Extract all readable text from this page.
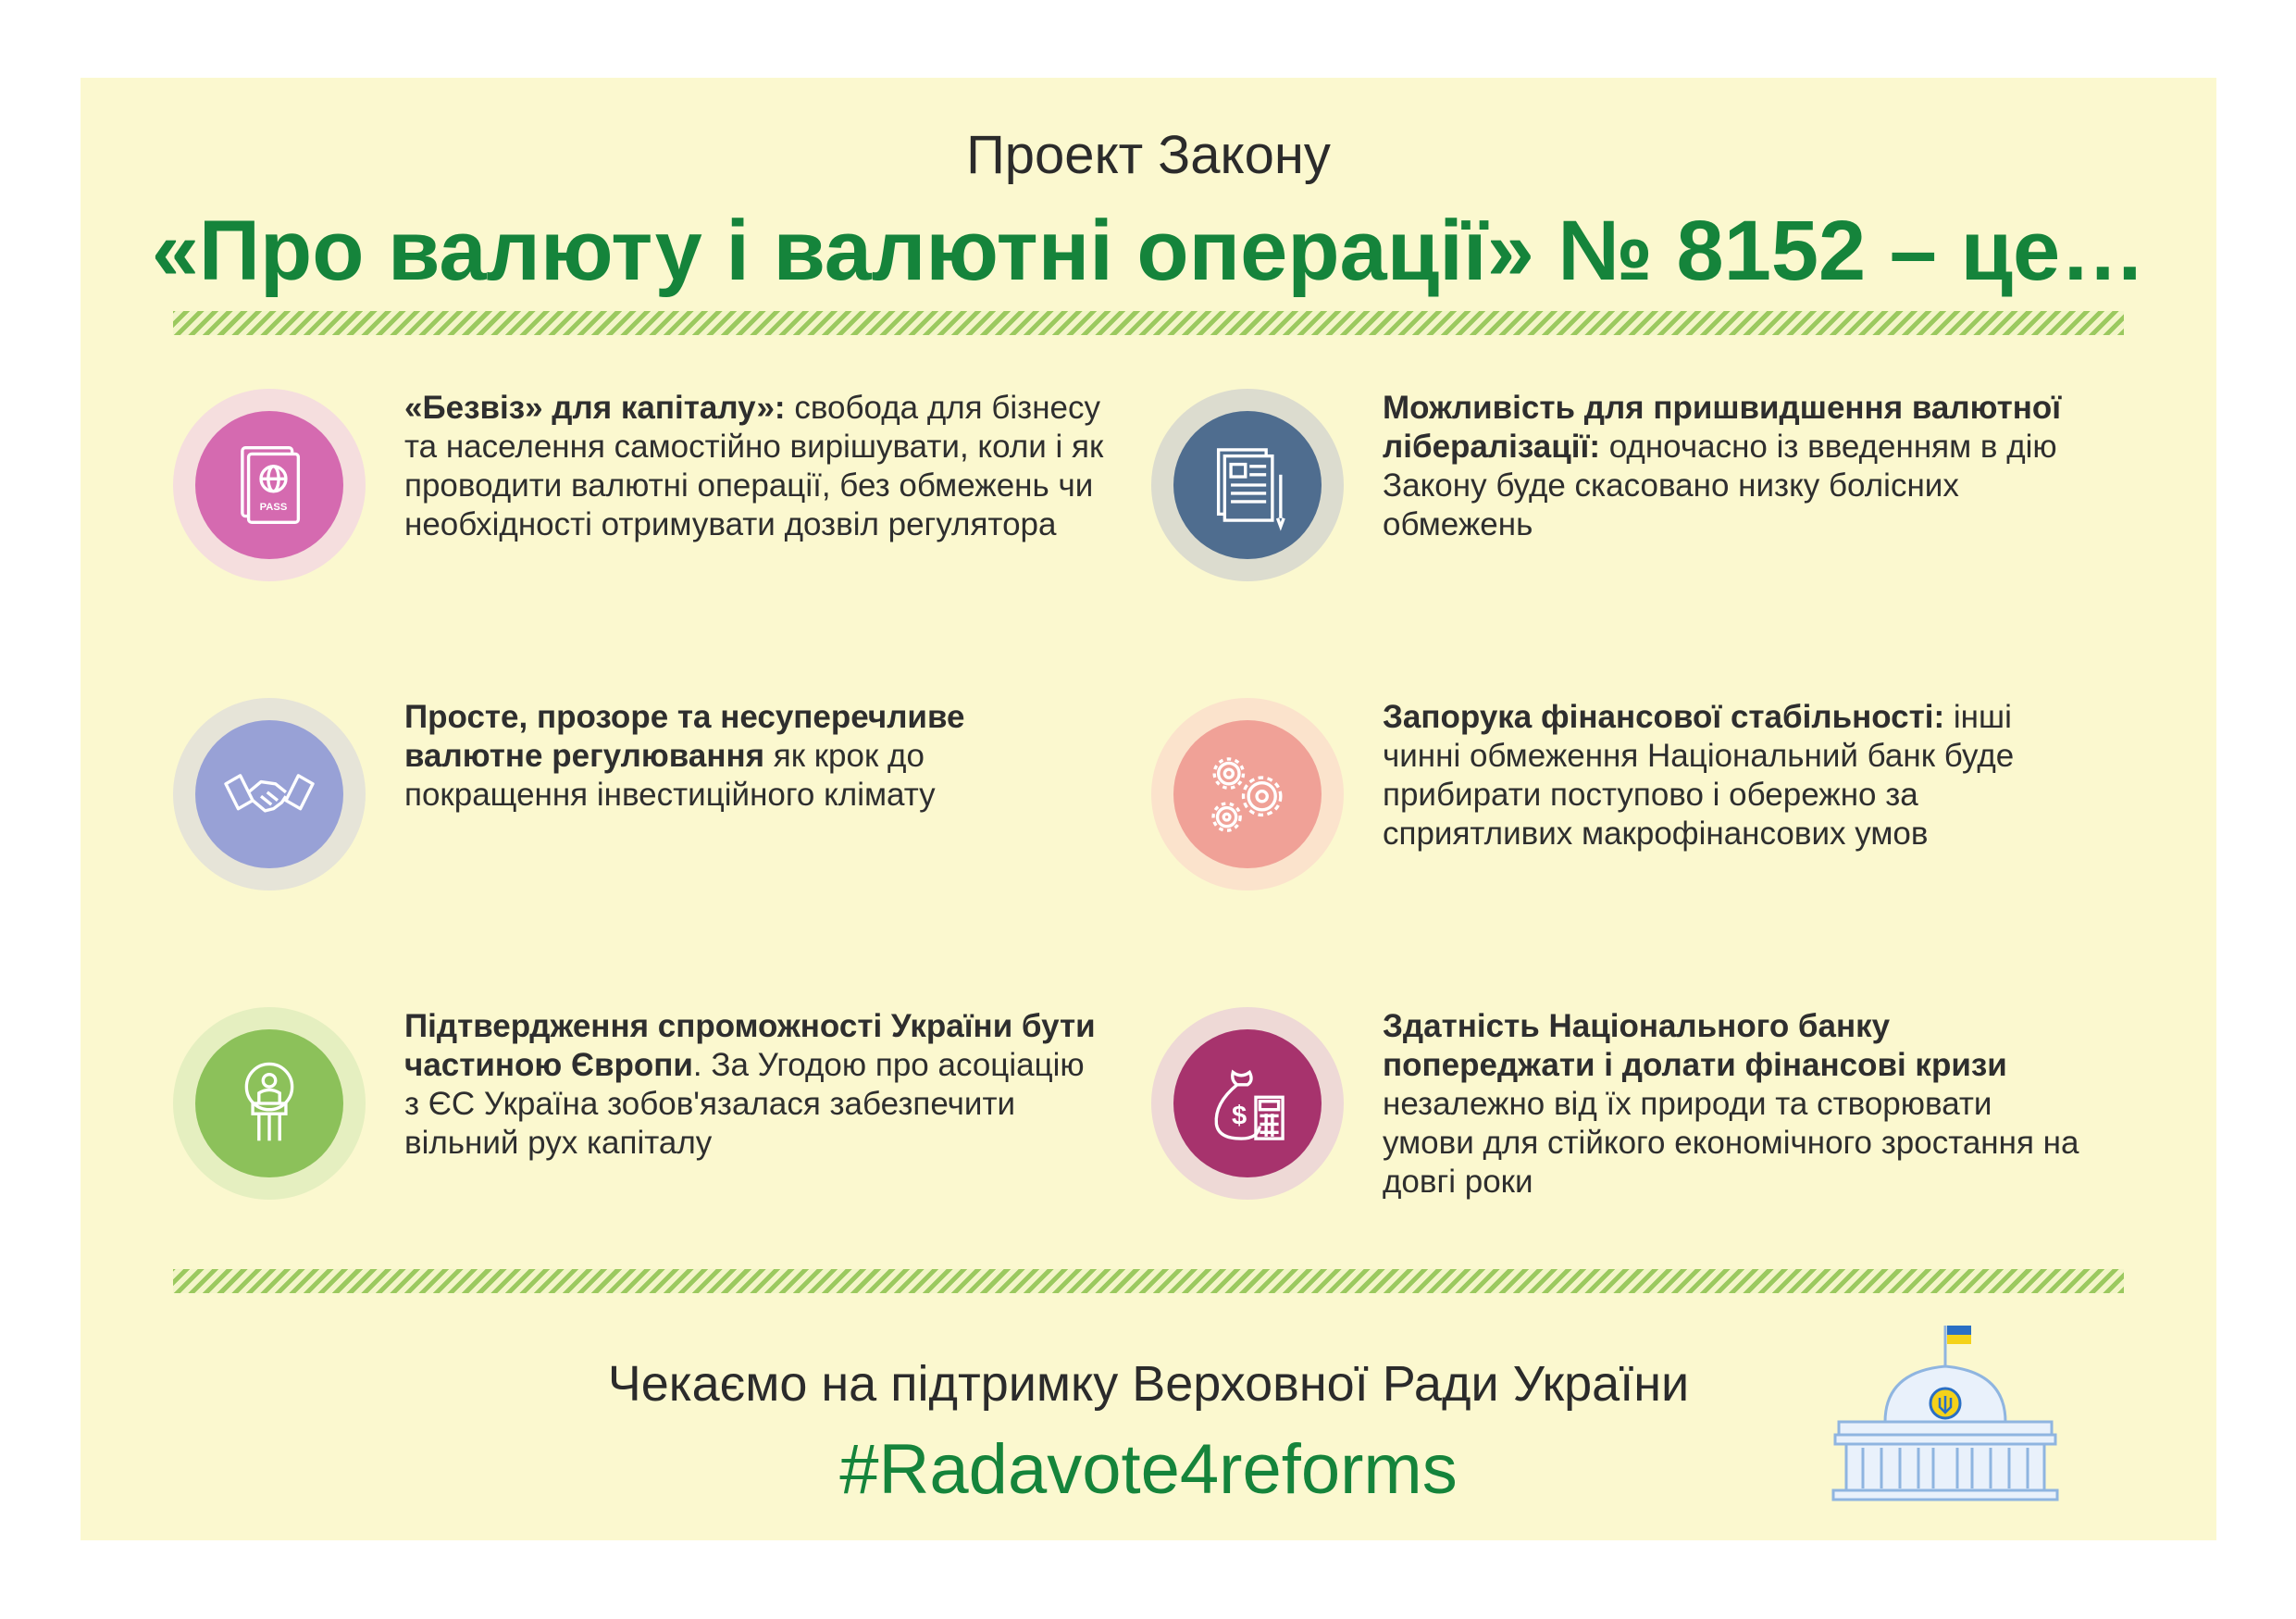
Проект Закону
«Про валюту і валютні операції» № 8152 – це…
PASS
«Безвіз» для капіталу»: свобода для бізнесу та населення самостійно вирішувати, коли і як проводити валютні операції, без обмежень чи необхідності отримувати дозвіл регулятора
Можливість для пришвидшення валютної лібералізації: одночасно із введенням в дію Закону буде скасовано низку болісних обмежень
Просте, прозоре та несуперечливе валютне регулювання як крок до покращення інвестиційного клімату
Запорука фінансової стабільності: інші чинні обмеження Національний банк буде прибирати поступово і обережно за сприятливих макрофінансових умов
Підтвердження спроможності України бути частиною Європи. За Угодою про асоціацію з ЄС Україна зобов'язалася забезпечити вільний рух капіталу
$
Здатність Національного банку попереджати і долати фінансові кризи незалежно від їх природи та створювати умови для стійкого економічного зростання на довгі роки
Чекаємо на підтримку Верховної Ради України
#Radavote4reforms
